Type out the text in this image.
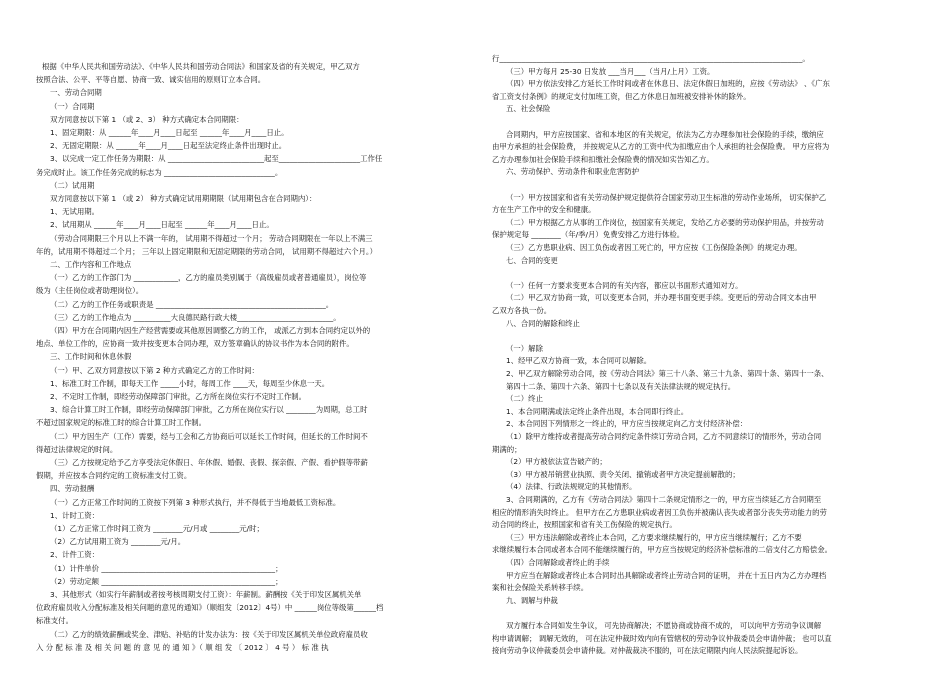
根据《中华人民共和国劳动法》、《中华人民共和国劳动合同法》和国家及省的有关规定，甲乙双方
按照合法、公平、平等自愿、协商一致、诚实信用的原则订立本合同。
一、劳动合同期
（一）合同期
双方同意按以下第 1 （或 2、3） 种方式确定本合同期限：
1、固定期限：从 ______年____月____日起至 ______年____月____日止。
2、无固定期限：从 ______年____月____日起至法定终止条件出现时止。
3、以完成一定工作任务为期限：从 __________________________起至______________________工作任
务完成时止。该工作任务完成的标志为 ______________________________。
（二）试用期
双方同意按以下第 1 （或 2） 种方式确定试用期期限（试用期包含在合同期内）：
1、无试用期。
2、试用期从 ______年____月____日起至 ______年____月____日止。
（劳动合同期限三个月以上不满一年的， 试用期不得超过一个月； 劳动合同期限在一年以上不满三
年的，试用期不得超过二个月； 三年以上固定期限和无固定期限的劳动合同， 试用期不得超过六个月。）
二、工作内容和工作地点
（一）乙方的工作部门为 ____________，乙方的雇员类别属于（高级雇员或者普通雇员），岗位等
级为（主任岗位或者助理岗位）。
（二）乙方的工作任务或职责是 ______________________________________________。
（三）乙方的工作地点为 __________大良德民路行政大楼__________________________。
（四）甲方在合同期内因生产经营需要或其他原因调整乙方的工作， 或派乙方到本合同约定以外的
地点、单位工作的，应协商一致并按变更本合同办理，双方签章确认的协议书作为本合同的附件。
三、工作时间和休息休假
（一）甲、乙双方同意按以下第 2 种方式确定乙方的工作时间：
1、标准工时工作制，即每天工作 _____小时，每周工作 ____天，每周至少休息一天。
2、不定时工作制，即经劳动保障部门审批，乙方所在岗位实行不定时工作制。
3、综合计算工时工作制，即经劳动保障部门审批，乙方所在岗位实行以 ________为周期，总工时
不超过国家规定的标准工时的综合计算工时工作制。
（二）甲方因生产（工作）需要，经与工会和乙方协商后可以延长工作时间，但延长的工作时间不
得超过法律规定的时间。
（三）乙方按规定给予乙方享受法定休假日、年休假、婚假、丧假、探亲假、产假、看护假等带薪
假期，并应按本合同约定的工资标准支付工资。
四、劳动报酬
（一）乙方正常工作时间的工资按下列第 3 种形式执行，并不得低于当地最低工资标准。
1、计时工资：
（1）乙方正常工作时间工资为 ________元/月或 ________元/时；
（2）乙方试用期工资为 ________元/月。
2、计件工资：
（1）计件单价 _______________________________________________；
（2）劳动定额 _______________________________________________；
3、其他形式（如实行年薪制或者按考核周期支付工资）：年薪制。薪酬按《关于印发区属机关单
位政府雇员收入分配标准及相关问题的意见的通知》（顺组发〔2012〕4号）中 ______岗位等级第______档
标准支付。
（二）乙方的绩效薪酬或奖金、津贴、补贴的计发办法为：按《关于印发区属机关单位政府雇员收
入 分 配 标 准 及 相 关 问 题 的 意 见 的 通 知 》（ 顺 组 发 〔 2012 〕 4 号 ） 标 准 执
行__________________________________________________________________________________。
（三）甲方每月 25-30 日发放 ___当月___（当月/上月）工资。
（四）甲方依法安排乙方延长工作时间或者在休息日、法定休假日加班的，应按《劳动法》 、《广东
省工资支付条例》的规定支付加班工资，但乙方休息日加班被安排补休的除外。
五、社会保险
合同期内，甲方应按国家、省和本地区的有关规定，依法为乙方办理参加社会保险的手续，缴纳应
由甲方承担的社会保险费， 并按规定从乙方的工资中代为扣缴应由个人承担的社会保险费。 甲方应将为
乙方办理参加社会保险手续和扣缴社会保险费的情况如实告知乙方。
六、劳动保护、劳动条件和职业危害防护
（一）甲方按国家和省有关劳动保护规定提供符合国家劳动卫生标准的劳动作业场所， 切实保护乙
方在生产工作中的安全和健康。
（二）甲方根据乙方从事的工作岗位，按国家有关规定，发给乙方必要的劳动保护用品，并按劳动
保护规定每 ________（年/季/月）免费安排乙方进行体检。
（三）乙方患职业病、因工负伤或者因工死亡的，甲方应按《工伤保险条例》的规定办理。
七、合同的变更
（一）任何一方要求变更本合同的有关内容，都应以书面形式通知对方。
（二）甲乙双方协商一致，可以变更本合同，并办理书面变更手续。变更后的劳动合同文本由甲
乙双方各执一份。
八、合同的解除和终止
（一）解除
1、经甲乙双方协商一致，本合同可以解除。
2、甲乙双方解除劳动合同，按《劳动合同法》第三十八条、第三十九条、第四十条、第四十一条、
第四十二条、第四十六条、第四十七条以及有关法律法规的规定执行。
（二）终止
1、本合同期满或法定终止条件出现，本合同即行终止。
2、本合同因下列情形之一终止的，甲方应当按规定向乙方支付经济补偿：
（1）除甲方维持或者提高劳动合同约定条件续订劳动合同，乙方不同意续订的情形外，劳动合同
期满的；
（2）甲方被依法宣告破产的；
（3）甲方被吊销营业执照、责令关闭、撤销或者甲方决定提前解散的；
（4）法律、行政法规规定的其他情形。
3、合同期满的，乙方有《劳动合同法》第四十二条规定情形之一的，甲方应当续延乙方合同期至
相应的情形消失时终止。 但甲方在乙方患职业病或者因工负伤并被确认丧失或者部分丧失劳动能力的劳
动合同的终止，按照国家和省有关工伤保险的规定执行。
（三）甲方违法解除或者终止本合同，乙方要求继续履行的，甲方应当继续履行；乙方不要
求继续履行本合同或者本合同不能继续履行的，甲方应当按规定的经济补偿标准的二倍支付乙方赔偿金。
（四）合同解除或者终止的手续
甲方应当在解除或者终止本合同时出具解除或者终止劳动合同的证明， 并在十五日内为乙方办理档
案和社会保险关系转移手续。
九、调解与仲裁
双方履行本合同如发生争议， 可先协商解决；不愿协商或协商不成的， 可以向甲方劳动争议调解
构申请调解； 调解无效的， 可在法定仲裁时效内向有管辖权的劳动争议仲裁委员会申请仲裁； 也可以直
接向劳动争议仲裁委员会申请仲裁。对仲裁裁决不服的，可在法定期限内向人民法院提起诉讼。
